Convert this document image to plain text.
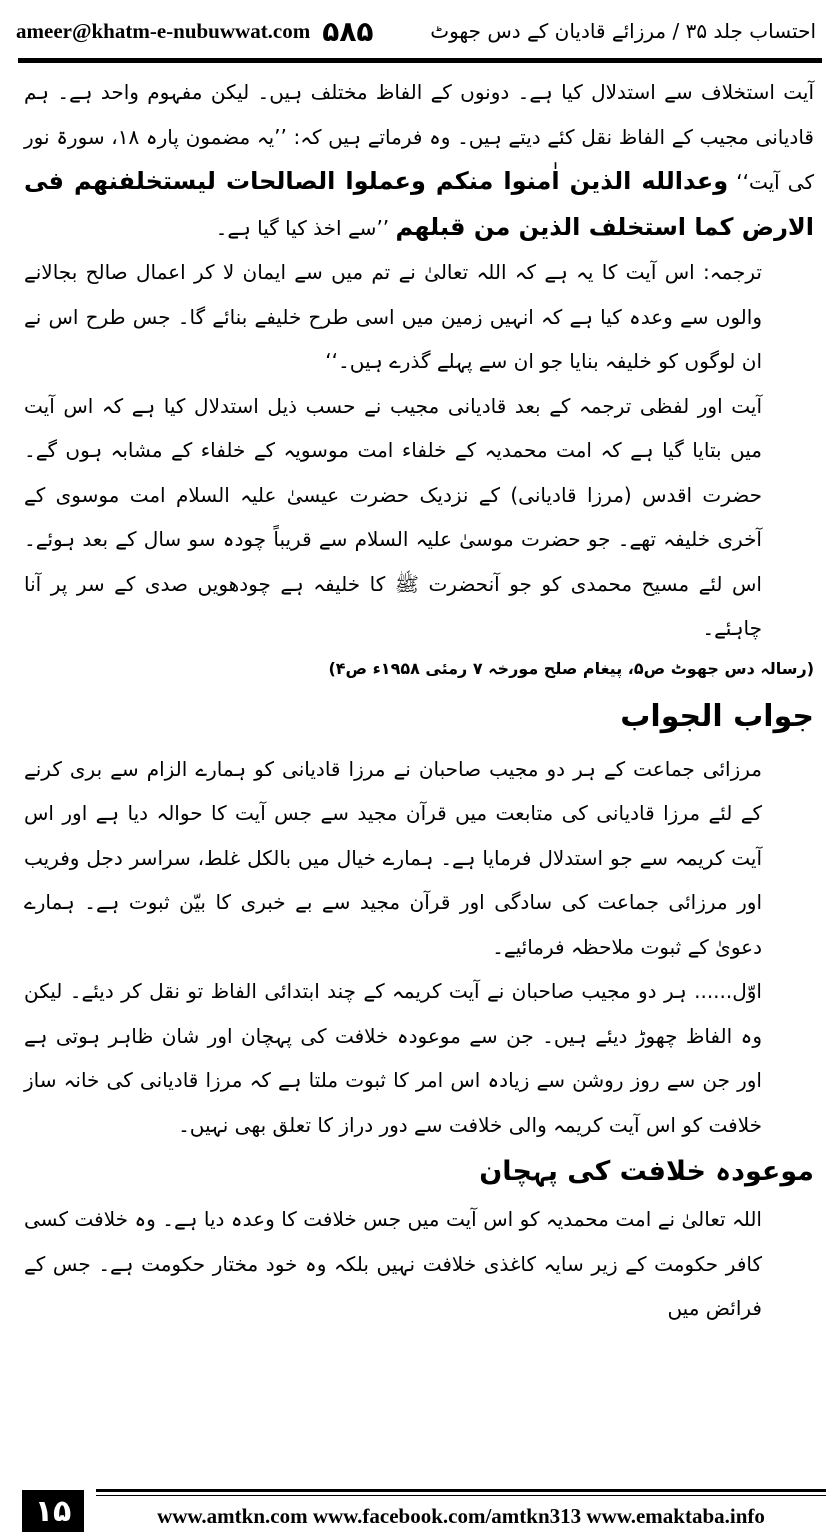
ameer@khatm-e-nubuwwat.com ۵۸۵	احتساب جلد ۳۵ / مرزائے قادیان کے دس جھوٹ

آیت استخلاف سے استدلال کیا ہے۔ دونوں کے الفاظ مختلف ہیں۔ لیکن مفہوم واحد ہے۔ ہم قادیانی مجیب کے الفاظ نقل کئے دیتے ہیں۔ وہ فرماتے ہیں کہ: ’’یہ مضمون پارہ ۱۸، سورۃ نور کی آیت‘‘ وعدالله الذین اٰمنوا منکم وعملوا الصالحات لیستخلفنهم فی الارض کما استخلف الذین من قبلهم ’’سے اخذ کیا گیا ہے۔

ترجمہ: اس آیت کا یہ ہے کہ اللہ تعالیٰ نے تم میں سے ایمان لا کر اعمال صالح بجالانے والوں سے وعدہ کیا ہے کہ انہیں زمین میں اسی طرح خلیفے بنائے گا۔ جس طرح اس نے ان لوگوں کو خلیفہ بنایا جو ان سے پہلے گذرے ہیں۔‘‘

آیت اور لفظی ترجمہ کے بعد قادیانی مجیب نے حسب ذیل استدلال کیا ہے کہ اس آیت میں بتایا گیا ہے کہ امت محمدیہ کے خلفاء امت موسویہ کے خلفاء کے مشابہ ہوں گے۔ حضرت اقدس (مرزا قادیانی) کے نزدیک حضرت عیسیٰ علیہ السلام امت موسوی کے آخری خلیفہ تھے۔ جو حضرت موسیٰ علیہ السلام سے قریباً چودہ سو سال کے بعد ہوئے۔ اس لئے مسیح محمدی کو جو آنحضرت ﷺ کا خلیفہ ہے چودھویں صدی کے سر پر آنا چاہئے۔

(رسالہ دس جھوٹ ص۵، پیغام صلح مورخہ ۷ رمئی ۱۹۵۸ء ص۴)

جواب الجواب

مرزائی جماعت کے ہر دو مجیب صاحبان نے مرزا قادیانی کو ہمارے الزام سے بری کرنے کے لئے مرزا قادیانی کی متابعت میں قرآن مجید سے جس آیت کا حوالہ دیا ہے اور اس آیت کریمہ سے جو استدلال فرمایا ہے۔ ہمارے خیال میں بالکل غلط، سراسر دجل وفریب اور مرزائی جماعت کی سادگی اور قرآن مجید سے بے خبری کا بیّن ثبوت ہے۔ ہمارے دعویٰ کے ثبوت ملاحظہ فرمائیے۔

اوّل...... ہر دو مجیب صاحبان نے آیت کریمہ کے چند ابتدائی الفاظ تو نقل کر دیئے۔ لیکن وہ الفاظ چھوڑ دیئے ہیں۔ جن سے موعودہ خلافت کی پہچان اور شان ظاہر ہوتی ہے اور جن سے روز روشن سے زیادہ اس امر کا ثبوت ملتا ہے کہ مرزا قادیانی کی خانہ ساز خلافت کو اس آیت کریمہ والی خلافت سے دور دراز کا تعلق بھی نہیں۔

موعودہ خلافت کی پہچان

اللہ تعالیٰ نے امت محمدیہ کو اس آیت میں جس خلافت کا وعدہ دیا ہے۔ وہ خلافت کسی کافر حکومت کے زیر سایہ کاغذی خلافت نہیں بلکہ وہ خود مختار حکومت ہے۔ جس کے فرائض میں

۱۵	www.amtkn.com www.facebook.com/amtkn313 www.emaktaba.info
